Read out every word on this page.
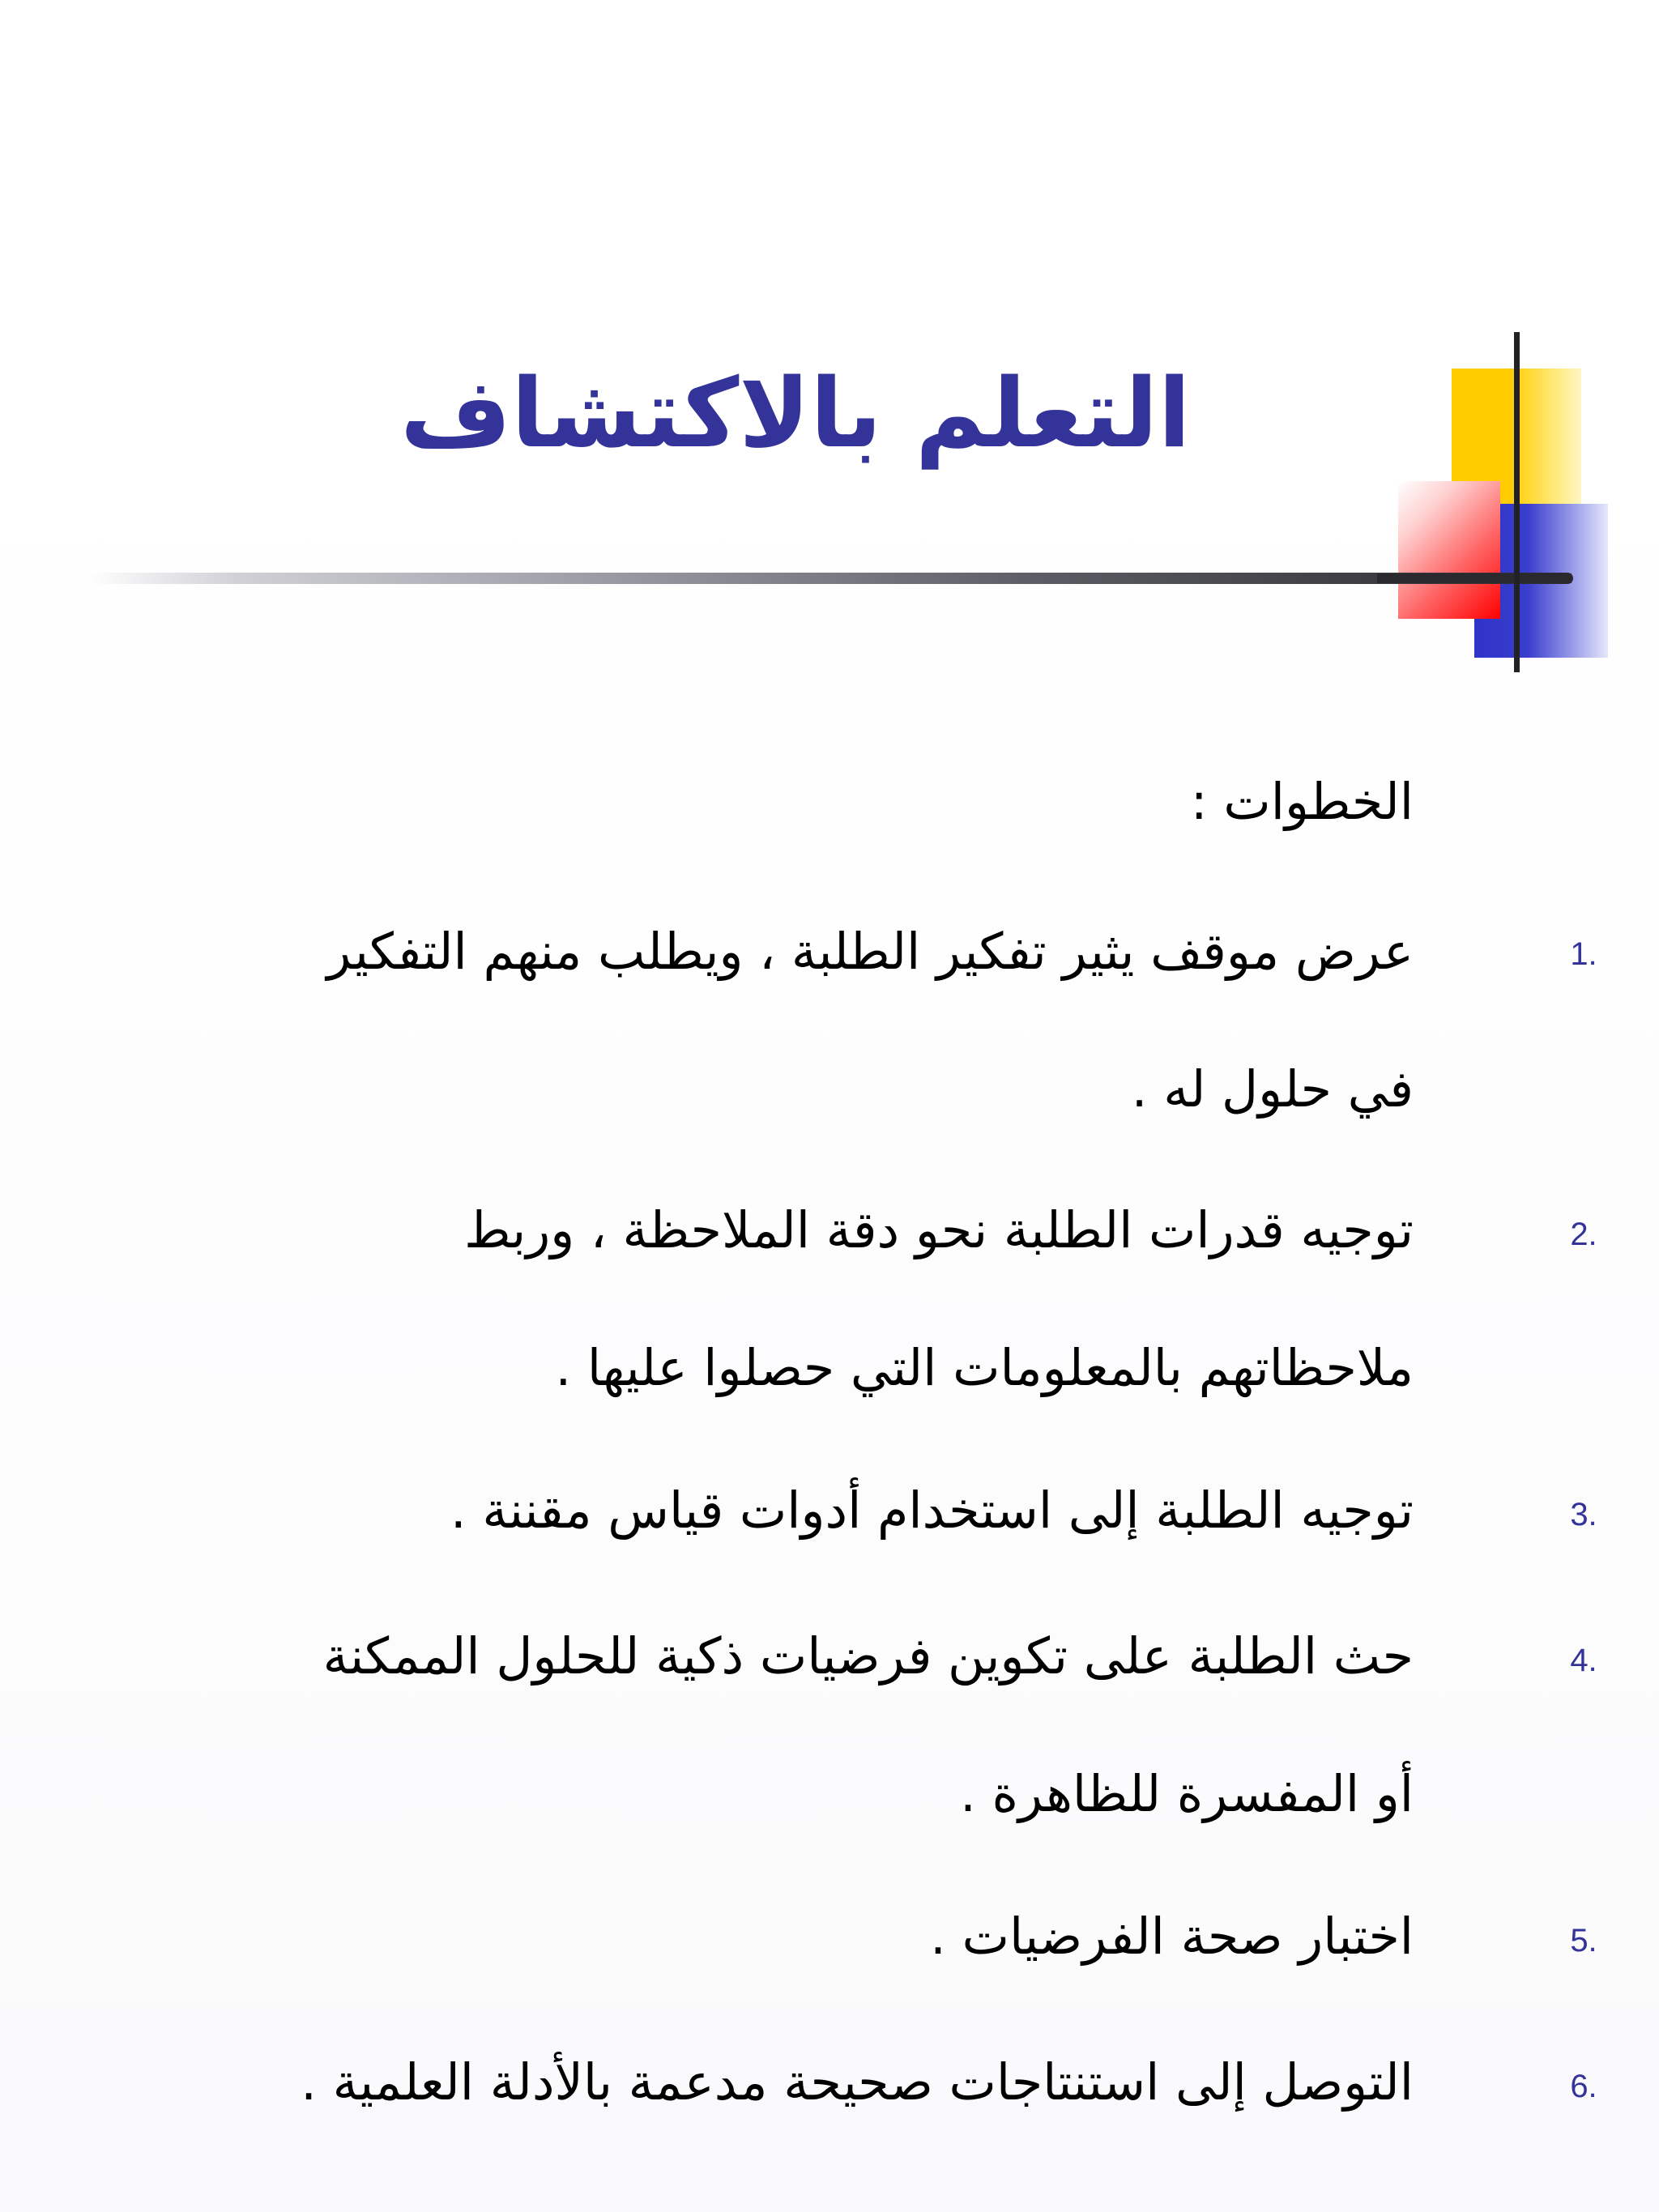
التعلم بالاكتشاف
الخطوات :
1.
عرض موقف يثير تفكير الطلبة ، ويطلب منهم التفكير
في حلول له .
2.
توجيه قدرات الطلبة نحو دقة الملاحظة ، وربط
ملاحظاتهم بالمعلومات التي حصلوا عليها .
3.
توجيه الطلبة إلى استخدام أدوات قياس مقننة .
4.
حث الطلبة على تكوين فرضيات ذكية للحلول الممكنة
أو المفسرة للظاهرة .
5.
اختبار صحة الفرضيات .
6.
التوصل إلى استنتاجات صحيحة مدعمة بالأدلة العلمية .
